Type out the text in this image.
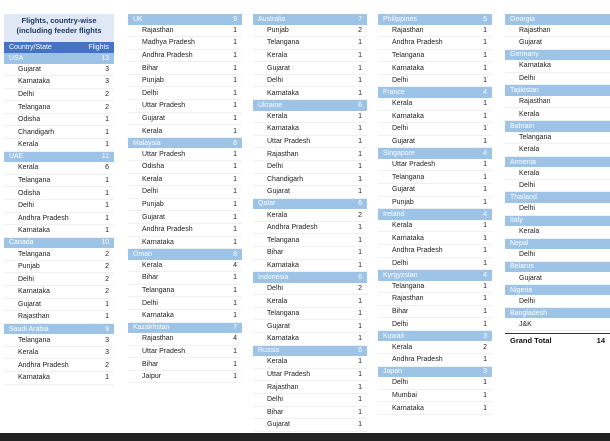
Flights, country-wise (including feeder flights
Country/State	Flights
USA	13
Gujarat	3
Karnataka	3
Delhi	2
Telangana	2
Odisha	1
Chandigarh	1
Kerala	1
UAE	11
Kerala	6
Telangana	1
Odisha	1
Delhi	1
Andhra Pradesh	1
Karnataka	1
Canada	10
Telangana	2
Punjab	2
Delhi	2
Karnataka	2
Gujarat	1
Rajasthan	1
Saudi Arabia	9
Telangana	3
Kerala	3
Andhra Pradesh	2
Karnataka	1
UK	9
Rajasthan	1
Madhya Pradesh	1
Andhra Pradesh	1
Bihar	1
Punjab	1
Delhi	1
Uttar Pradesh	1
Gujarat	1
Kerala	1
Malaysia	8
Uttar Pradesh	1
Odisha	1
Kerala	1
Delhi	1
Punjab	1
Gujarat	1
Andhra Pradesh	1
Karnataka	1
Oman	8
Kerala	4
Bihar	1
Telangana	1
Delhi	1
Karnataka	1
Kazakhstan	7
Rajasthan	4
Uttar Pradesh	1
Bihar	1
Jaipur	1
Australia	7
Punjab	2
Telangana	1
Kerala	1
Gujarat	1
Delhi	1
Karnataka	1
Ukraine	6
Kerala	1
Karnataka	1
Uttar Pradesh	1
Rajasthan	1
Delhi	1
Chandigarh	1
Gujarat	1
Qatar	6
Kerala	2
Andhra Pradesh	1
Telangana	1
Bihar	1
Karnataka	1
Indonesia	6
Delhi	2
Kerala	1
Telangana	1
Gujarat	1
Karnataka	1
Russia	6
Kerala	1
Uttar Pradesh	1
Rajasthan	1
Delhi	1
Bihar	1
Gujarat	1
Philippines	5
Rajasthan	1
Andhra Pradesh	1
Telangana	1
Karnataka	1
Delhi	1
France	4
Kerala	1
Karnataka	1
Delhi	1
Gujarat	1
Singapore	4
Uttar Pradesh	1
Telangana	1
Gujarat	1
Punjab	1
Ireland	4
Kerala	1
Karnataka	1
Andhra Pradesh	1
Delhi	1
Kyrgyzstan	4
Telangana	1
Rajasthan	1
Bihar	1
Delhi	1
Kuwait	3
Kerala	2
Andhra Pradesh	1
Japan	3
Delhi	1
Mumbai	1
Karnataka	1
Georgia
Rajasthan
Gujarat
Germany
Karnataka
Delhi
Tajikistan
Rajasthan
Kerala
Bahrain
Telangana
Kerala
Armenia
Kerala
Delhi
Thailand
Delhi
Italy
Kerala
Nepal
Delhi
Belarus
Gujarat
Nigeria
Delhi
Bangladesh
J&K
Grand Total	14
